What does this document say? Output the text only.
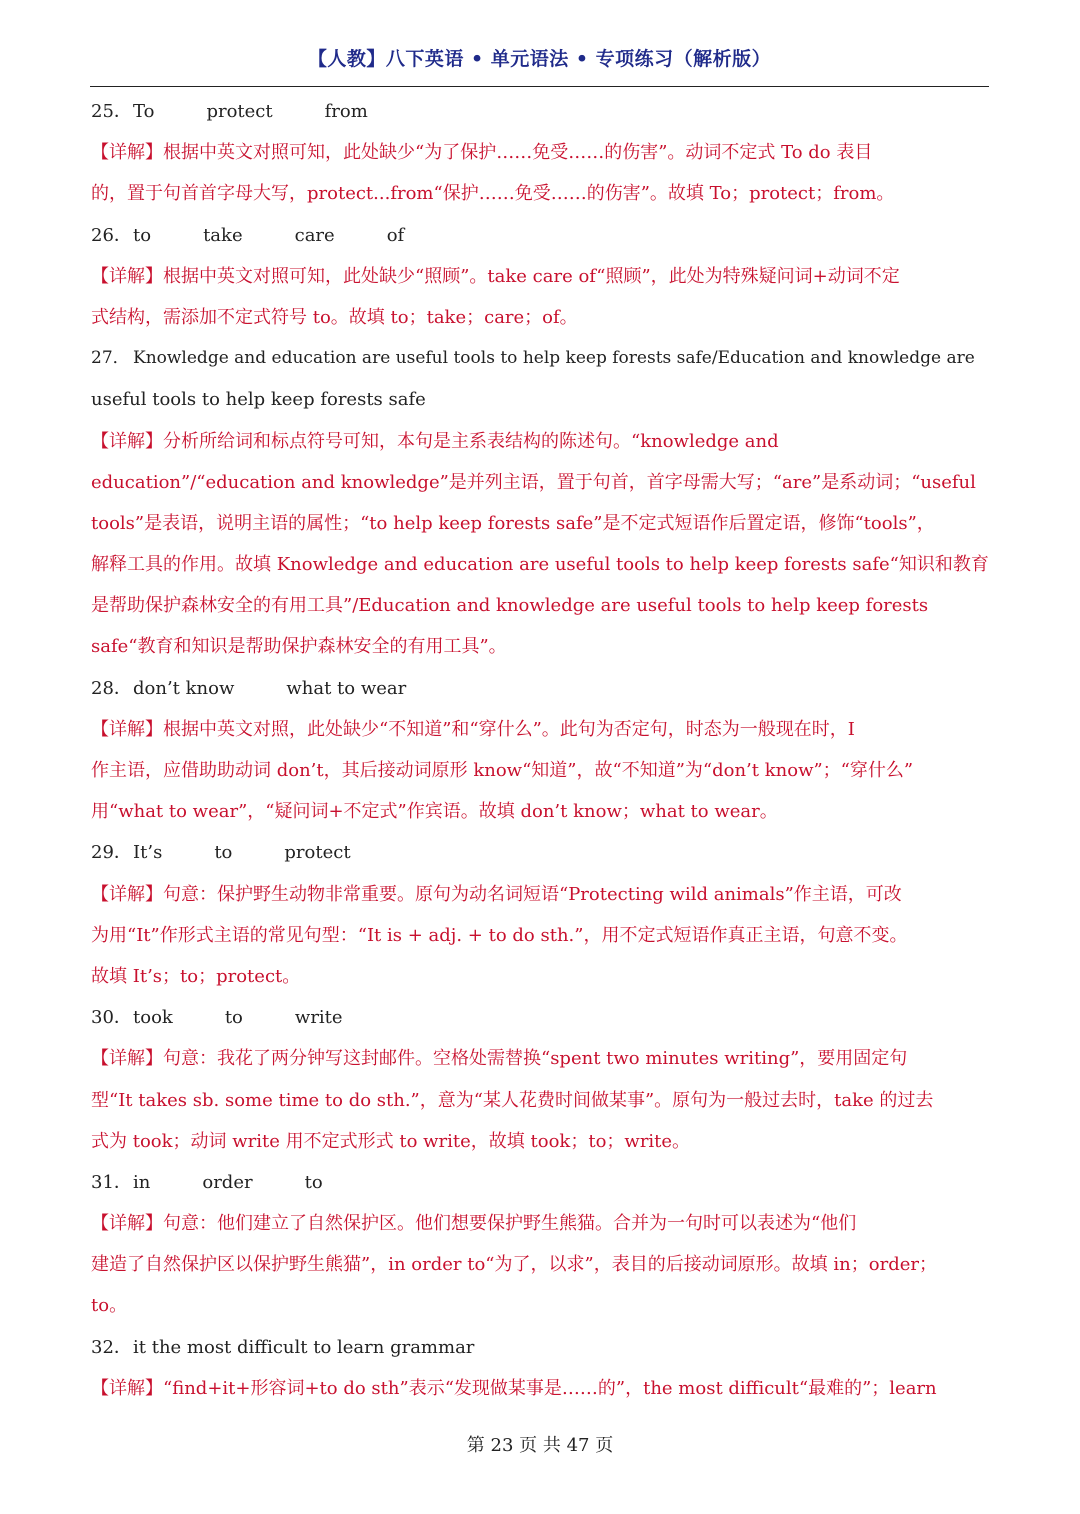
【人教】八下英语 • 单元语法 • 专项练习（解析版）
25．To	protect	from
【详解】根据中英文对照可知，此处缺少“为了保护……免受……的伤害”。动词不定式 To do 表目
的，置于句首首字母大写，protect...from“保护……免受……的伤害”。故填 To；protect；from。
26．to	take	care	of
【详解】根据中英文对照可知，此处缺少“照顾”。take care of“照顾”，此处为特殊疑问词+动词不定
式结构，需添加不定式符号 to。故填 to；take；care；of。
27． Knowledge and education are useful tools to help keep forests safe/Education and knowledge are
useful tools to help keep forests safe
【详解】分析所给词和标点符号可知，本句是主系表结构的陈述句。“knowledge and
education”/“education and knowledge”是并列主语，置于句首，首字母需大写；“are”是系动词；“useful
tools”是表语，说明主语的属性；“to help keep forests safe”是不定式短语作后置定语，修饰“tools”，
解释工具的作用。故填 Knowledge and education are useful tools to help keep forests safe“知识和教育
是帮助保护森林安全的有用工具”/Education and knowledge are useful tools to help keep forests
safe“教育和知识是帮助保护森林安全的有用工具”。
28．don’t know	what to wear
【详解】根据中英文对照，此处缺少“不知道”和“穿什么”。此句为否定句，时态为一般现在时，I
作主语，应借助助动词 don’t，其后接动词原形 know“知道”，故“不知道”为“don’t know”；“穿什么”
用“what to wear”，“疑问词+不定式”作宾语。故填 don’t know；what to wear。
29．It’s	to	protect
【详解】句意：保护野生动物非常重要。原句为动名词短语“Protecting wild animals”作主语，可改
为用“It”作形式主语的常见句型：“It is + adj. + to do sth.”，用不定式短语作真正主语，句意不变。
故填 It’s；to；protect。
30．took	to	write
【详解】句意：我花了两分钟写这封邮件。空格处需替换“spent two minutes writing”，要用固定句
型“It takes sb. some time to do sth.”，意为“某人花费时间做某事”。原句为一般过去时，take 的过去
式为 took；动词 write 用不定式形式 to write，故填 took；to；write。
31．in	order	to
【详解】句意：他们建立了自然保护区。他们想要保护野生熊猫。合并为一句时可以表述为“他们
建造了自然保护区以保护野生熊猫”，in order to“为了，以求”，表目的后接动词原形。故填 in；order；
to。
32．it the most difficult to learn grammar
【详解】“find+it+形容词+to do sth”表示“发现做某事是……的”，the most difficult“最难的”；learn
第 23 页 共 47 页
